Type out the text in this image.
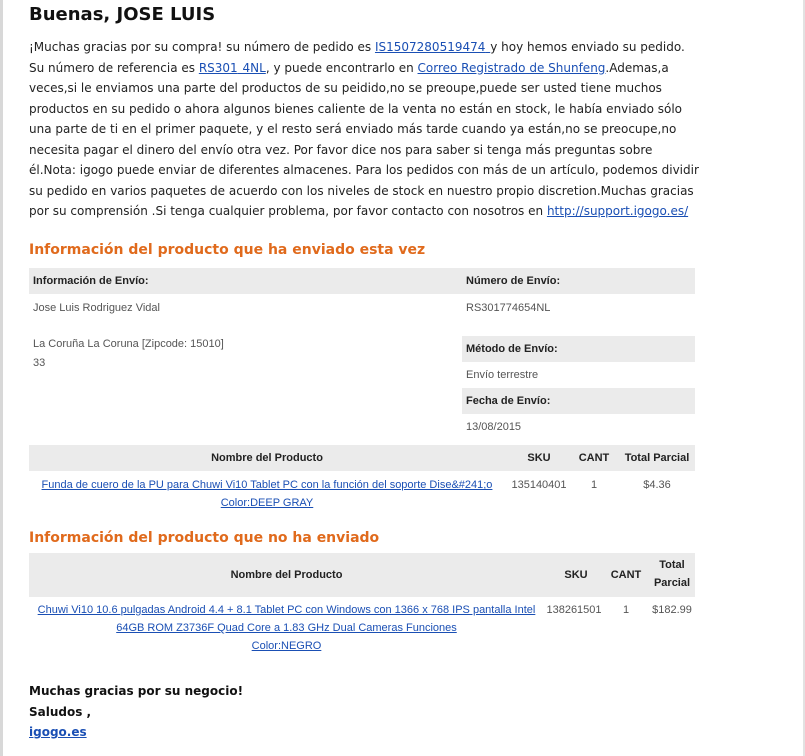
Buenas, JOSE LUIS
¡Muchas gracias por su compra! su número de pedido es IS1507280519474 y hoy hemos enviado su pedido. Su número de referencia es RS301 4NL, y puede encontrarlo en Correo Registrado de Shunfeng.Ademas,a veces,si le enviamos una parte del productos de su peidido,no se preoupe,puede ser usted tiene muchos productos en su pedido o ahora algunos bienes caliente de la venta no están en stock, le había enviado sólo una parte de ti en el primer paquete, y el resto será enviado más tarde cuando ya están,no se preocupe,no necesita pagar el dinero del envío otra vez. Por favor dice nos para saber si tenga más preguntas sobre él.Nota: igogo puede enviar de diferentes almacenes. Para los pedidos con más de un artículo, podemos dividir su pedido en varios paquetes de acuerdo con los niveles de stock en nuestro propio discretion.Muchas gracias por su comprensión .Si tenga cualquier problema, por favor contacto con nosotros en http://support.igogo.es/
Información del producto que ha enviado esta vez
Información de Envío:	Número de Envío:
Jose Luis Rodriguez Vidal
La Coruña La Coruna [Zipcode: 15010]
33
RS301774654NL
Método de Envío:
Envío terrestre
Fecha de Envío:
13/08/2015
Nombre del Producto	SKU	CANT	Total Parcial
Funda de cuero de la PU para Chuwi Vi10 Tablet PC con la función del soporte Dise&#241;o
Color:DEEP GRAY
135140401	1	$4.36
Información del producto que no ha enviado
Nombre del Producto	SKU	CANT
Total
Parcial
Chuwi Vi10 10.6 pulgadas Android 4.4 + 8.1 Tablet PC con Windows con 1366 x 768 IPS pantalla Intel
64GB ROM Z3736F Quad Core a 1.83 GHz Dual Cameras Funciones
Color:NEGRO
138261501	1	$182.99
Muchas gracias por su negocio!
Saludos ,
igogo.es
